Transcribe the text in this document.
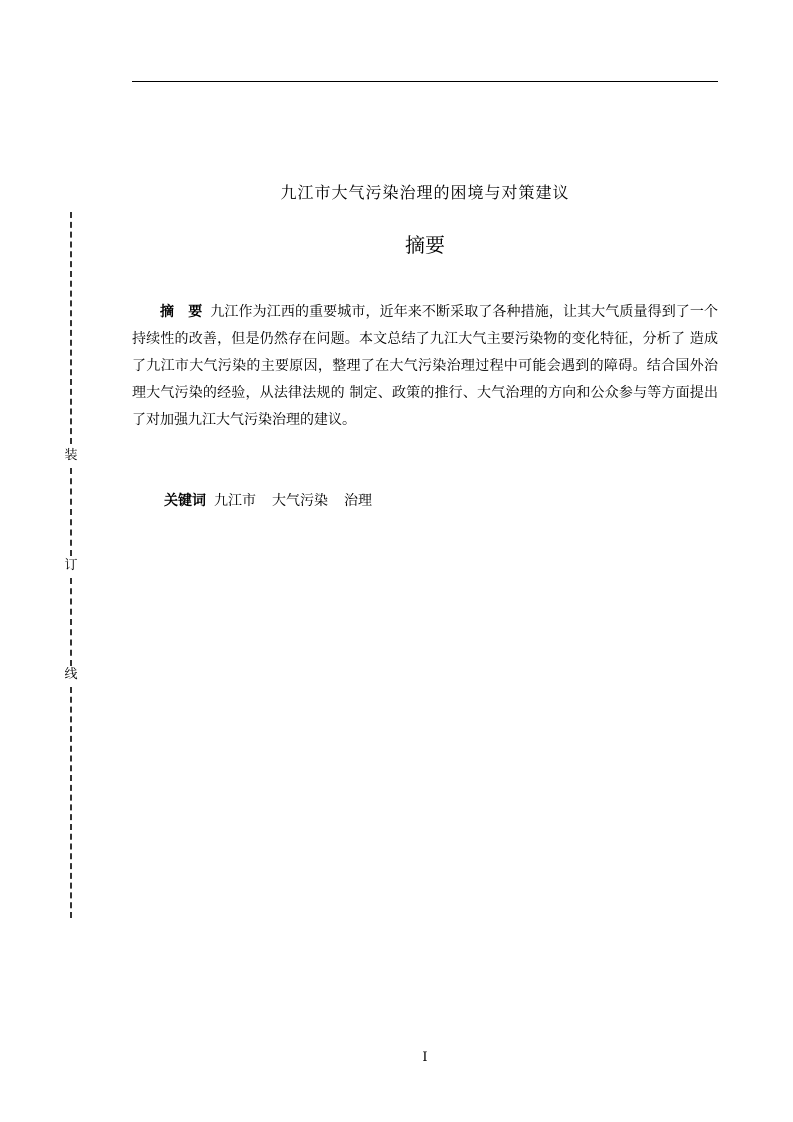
装
订
线
九江市大气污染治理的困境与对策建议
摘要

摘　要 九江作为江西的重要城市，近年来不断采取了各种措施，让其大气质量得到了一个持续性的改善，但是仍然存在问题。本文总结了九江大气主要污染物的变化特征，分析了 造成了九江市大气污染的主要原因，整理了在大气污染治理过程中可能会遇到的障碍。结合国外治理大气污染的经验，从法律法规的 制定、政策的推行、大气治理的方向和公众参与等方面提出了对加强九江大气污染治理的建议。

关键词 九江市 大气污染 治理

I
